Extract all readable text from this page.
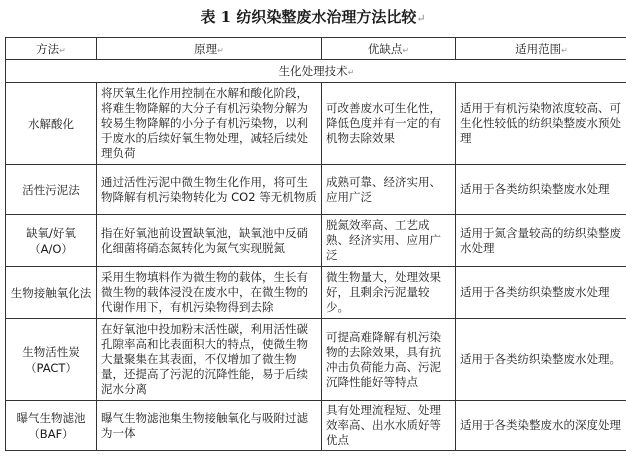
表 1 纺织染整废水治理方法比较↵
方法↵	原理↵	优缺点↵	适用范围↵
生化处理技术↵			
水解酸化	将厌氧生化作用控制在水解和酸化阶段，将难生物降解的大分子有机污染物分解为较易生物降解的小分子有机污染物，以利于废水的后续好氧生物处理，减轻后续处理负荷	可改善废水可生化性，降低色度并有一定的有机物去除效果	适用于有机污染物浓度较高、可生化性较低的纺织染整废水预处理
活性污泥法	通过活性污泥中微生物生化作用，将可生物降解有机污染物转化为 CO2 等无机物质	成熟可靠、经济实用、应用广泛	适用于各类纺织染整废水处理
缺氧/好氧（A/O）	指在好氧池前设置缺氧池，缺氧池中反硝化细菌将硝态氮转化为氮气实现脱氮	脱氮效率高、工艺成熟、经济实用、应用广泛	适用于氮含量较高的纺织染整废水处理
生物接触氧化法	采用生物填料作为微生物的载体，生长有微生物的载体浸没在废水中，在微生物的代谢作用下，有机污染物得到去除	微生物量大，处理效果好，且剩余污泥量较少。	适用于各类纺织染整废水处理
生物活性炭（PACT）	在好氧池中投加粉末活性碳，利用活性碳孔隙率高和比表面积大的特点，使微生物大量聚集在其表面，不仅增加了微生物量，还提高了污泥的沉降性能，易于后续泥水分离	可提高难降解有机污染物的去除效果，具有抗冲击负荷能力高、污泥沉降性能好等特点	适用于各类纺织染整废水处理。
曝气生物滤池（BAF）	曝气生物滤池集生物接触氧化与吸附过滤为一体	具有处理流程短、处理效率高、出水水质好等优点	适用于各类染整废水的深度处理
